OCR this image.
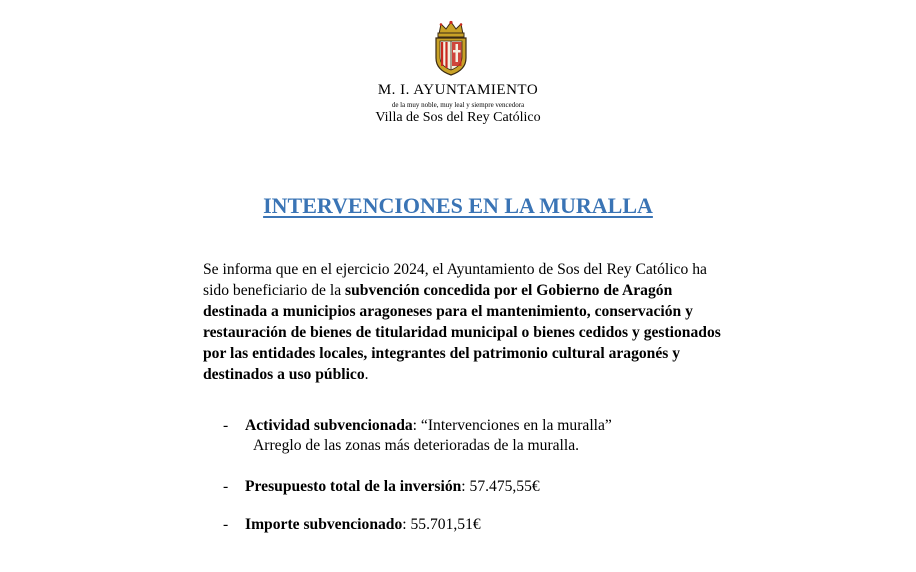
M. I. AYUNTAMIENTO
de la muy noble, muy leal y siempre vencedora
Villa de Sos del Rey Católico
INTERVENCIONES EN LA MURALLA
Se informa que en el ejercicio 2024, el Ayuntamiento de Sos del Rey Católico ha sido beneficiario de la subvención concedida por el Gobierno de Aragón destinada a municipios aragoneses para el mantenimiento, conservación y restauración de bienes de titularidad municipal o bienes cedidos y gestionados por las entidades locales, integrantes del patrimonio cultural aragonés y destinados a uso público.
- Actividad subvencionada: “Intervenciones en la muralla”
Arreglo de las zonas más deterioradas de la muralla.
- Presupuesto total de la inversión: 57.475,55€
- Importe subvencionado: 55.701,51€
